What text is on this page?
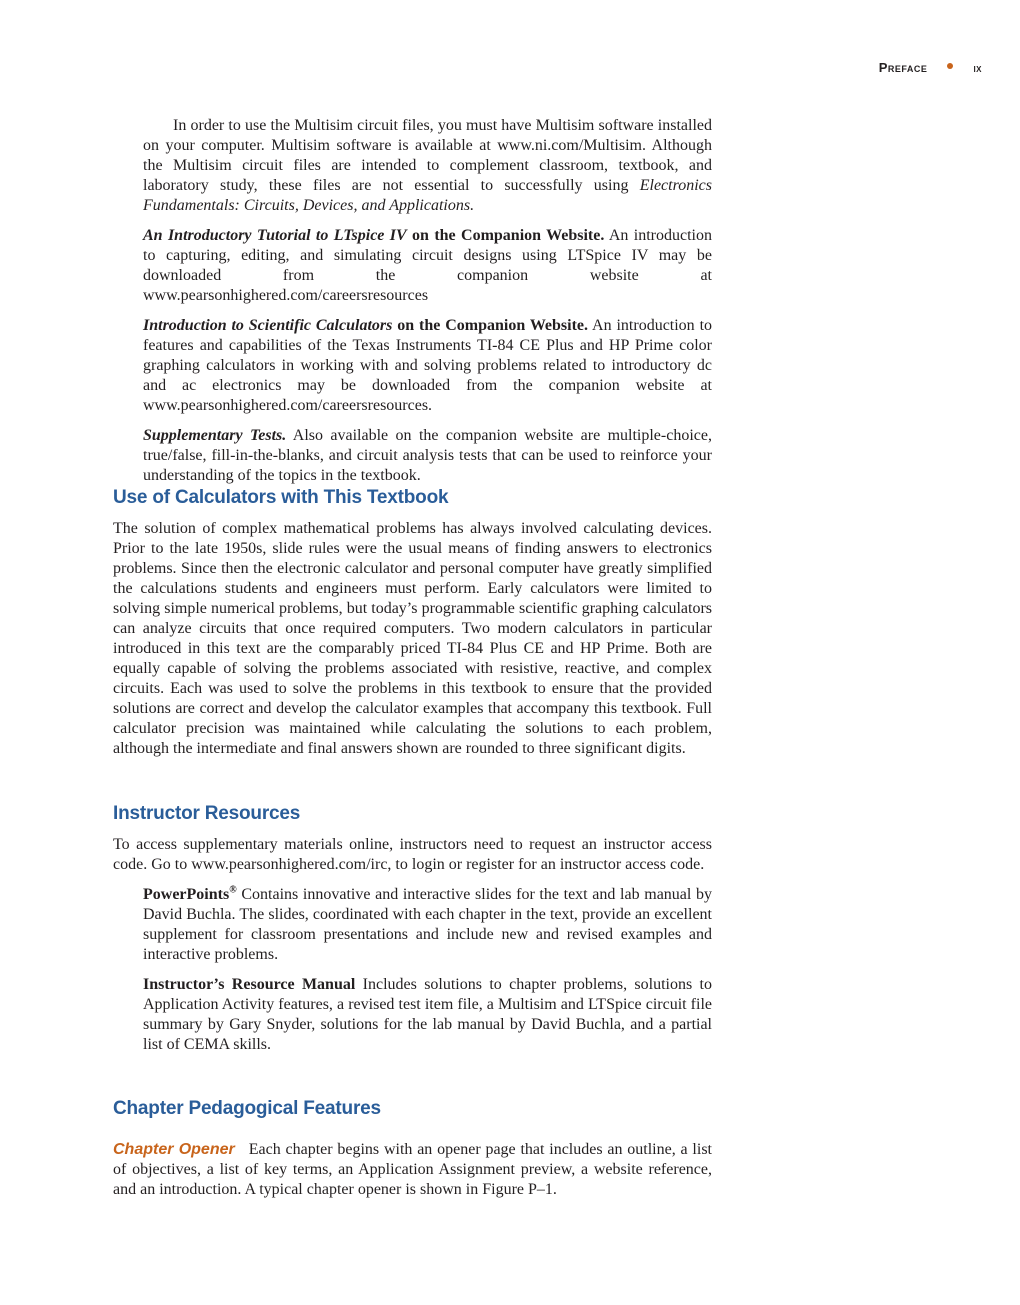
Preface	ix

In order to use the Multisim circuit files, you must have Multisim software installed on your computer. Multisim software is available at www.ni.com/Multisim. Although the Multisim circuit files are intended to complement classroom, textbook, and laboratory study, these files are not essential to successfully using Electronics Fundamentals: Circuits, Devices, and Applications.

An Introductory Tutorial to LTspice IV on the Companion Website. An introduction to capturing, editing, and simulating circuit designs using LTSpice IV may be downloaded from the companion website at www.pearsonhighered.com/careersresources

Introduction to Scientific Calculators on the Companion Website. An introduction to features and capabilities of the Texas Instruments TI-84 CE Plus and HP Prime color graphing calculators in working with and solving problems related to introductory dc and ac electronics may be downloaded from the companion website at www.pearsonhighered.com/careersresources.

Supplementary Tests. Also available on the companion website are multiple-choice, true/false, fill-in-the-blanks, and circuit analysis tests that can be used to reinforce your understanding of the topics in the textbook.

Use of Calculators with This Textbook

The solution of complex mathematical problems has always involved calculating devices. Prior to the late 1950s, slide rules were the usual means of finding answers to electronics problems. Since then the electronic calculator and personal computer have greatly simplified the calculations students and engineers must perform. Early calculators were limited to solving simple numerical problems, but today’s programmable scientific graphing calculators can analyze circuits that once required computers. Two modern calculators in particular introduced in this text are the comparably priced TI-84 Plus CE and HP Prime. Both are equally capable of solving the problems associated with resistive, reactive, and complex circuits. Each was used to solve the problems in this textbook to ensure that the provided solutions are correct and develop the calculator examples that accompany this textbook. Full calculator precision was maintained while calculating the solutions to each problem, although the intermediate and final answers shown are rounded to three significant digits.

Instructor Resources

To access supplementary materials online, instructors need to request an instructor access code. Go to www.pearsonhighered.com/irc, to login or register for an instructor access code.

PowerPoints® Contains innovative and interactive slides for the text and lab manual by David Buchla. The slides, coordinated with each chapter in the text, provide an excellent supplement for classroom presentations and include new and revised examples and interactive problems.

Instructor’s Resource Manual Includes solutions to chapter problems, solutions to Application Activity features, a revised test item file, a Multisim and LTSpice circuit file summary by Gary Snyder, solutions for the lab manual by David Buchla, and a partial list of CEMA skills.

Chapter Pedagogical Features

Chapter Opener Each chapter begins with an opener page that includes an outline, a list of objectives, a list of key terms, an Application Assignment preview, a website reference, and an introduction. A typical chapter opener is shown in Figure P–1.
